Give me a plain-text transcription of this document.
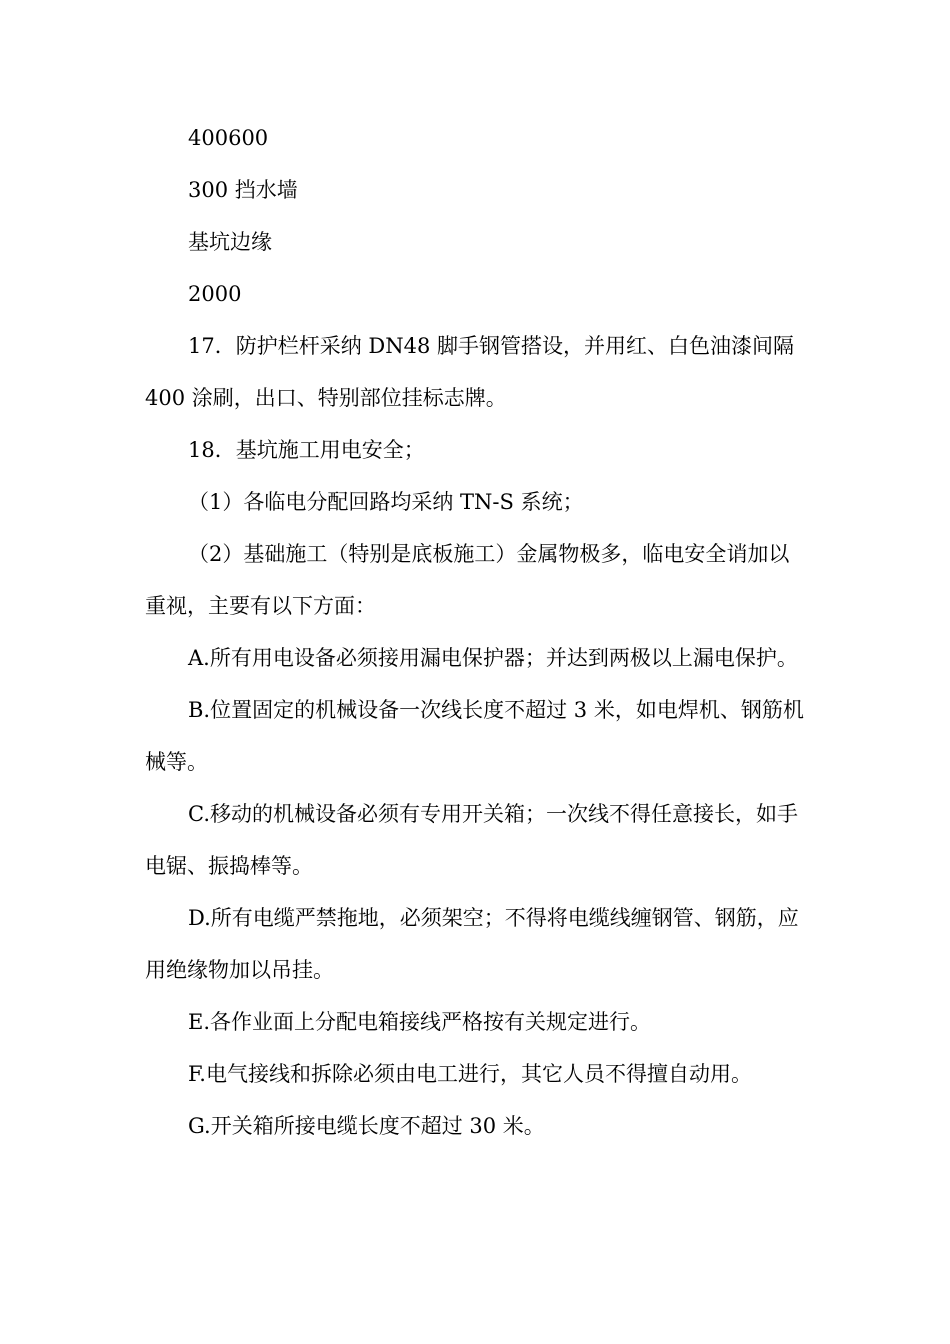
400600

300 挡水墙

基坑边缘

2000

17．防护栏杆采纳 DN48 脚手钢管搭设，并用红、白色油漆间隔 400 涂刷，出口、特别部位挂标志牌。

18．基坑施工用电安全；

（1）各临电分配回路均采纳 TN-S 系统；

（2）基础施工（特别是底板施工）金属物极多，临电安全诮加以重视，主要有以下方面：

A.所有用电设备必须接用漏电保护器；并达到两极以上漏电保护。

B.位置固定的机械设备一次线长度不超过 3 米，如电焊机、钢筋机械等。

C.移动的机械设备必须有专用开关箱；一次线不得任意接长，如手电锯、振捣棒等。

D.所有电缆严禁拖地，必须架空；不得将电缆线缠钢管、钢筋，应用绝缘物加以吊挂。

E.各作业面上分配电箱接线严格按有关规定进行。

F.电气接线和拆除必须由电工进行，其它人员不得擅自动用。

G.开关箱所接电缆长度不超过 30 米。
